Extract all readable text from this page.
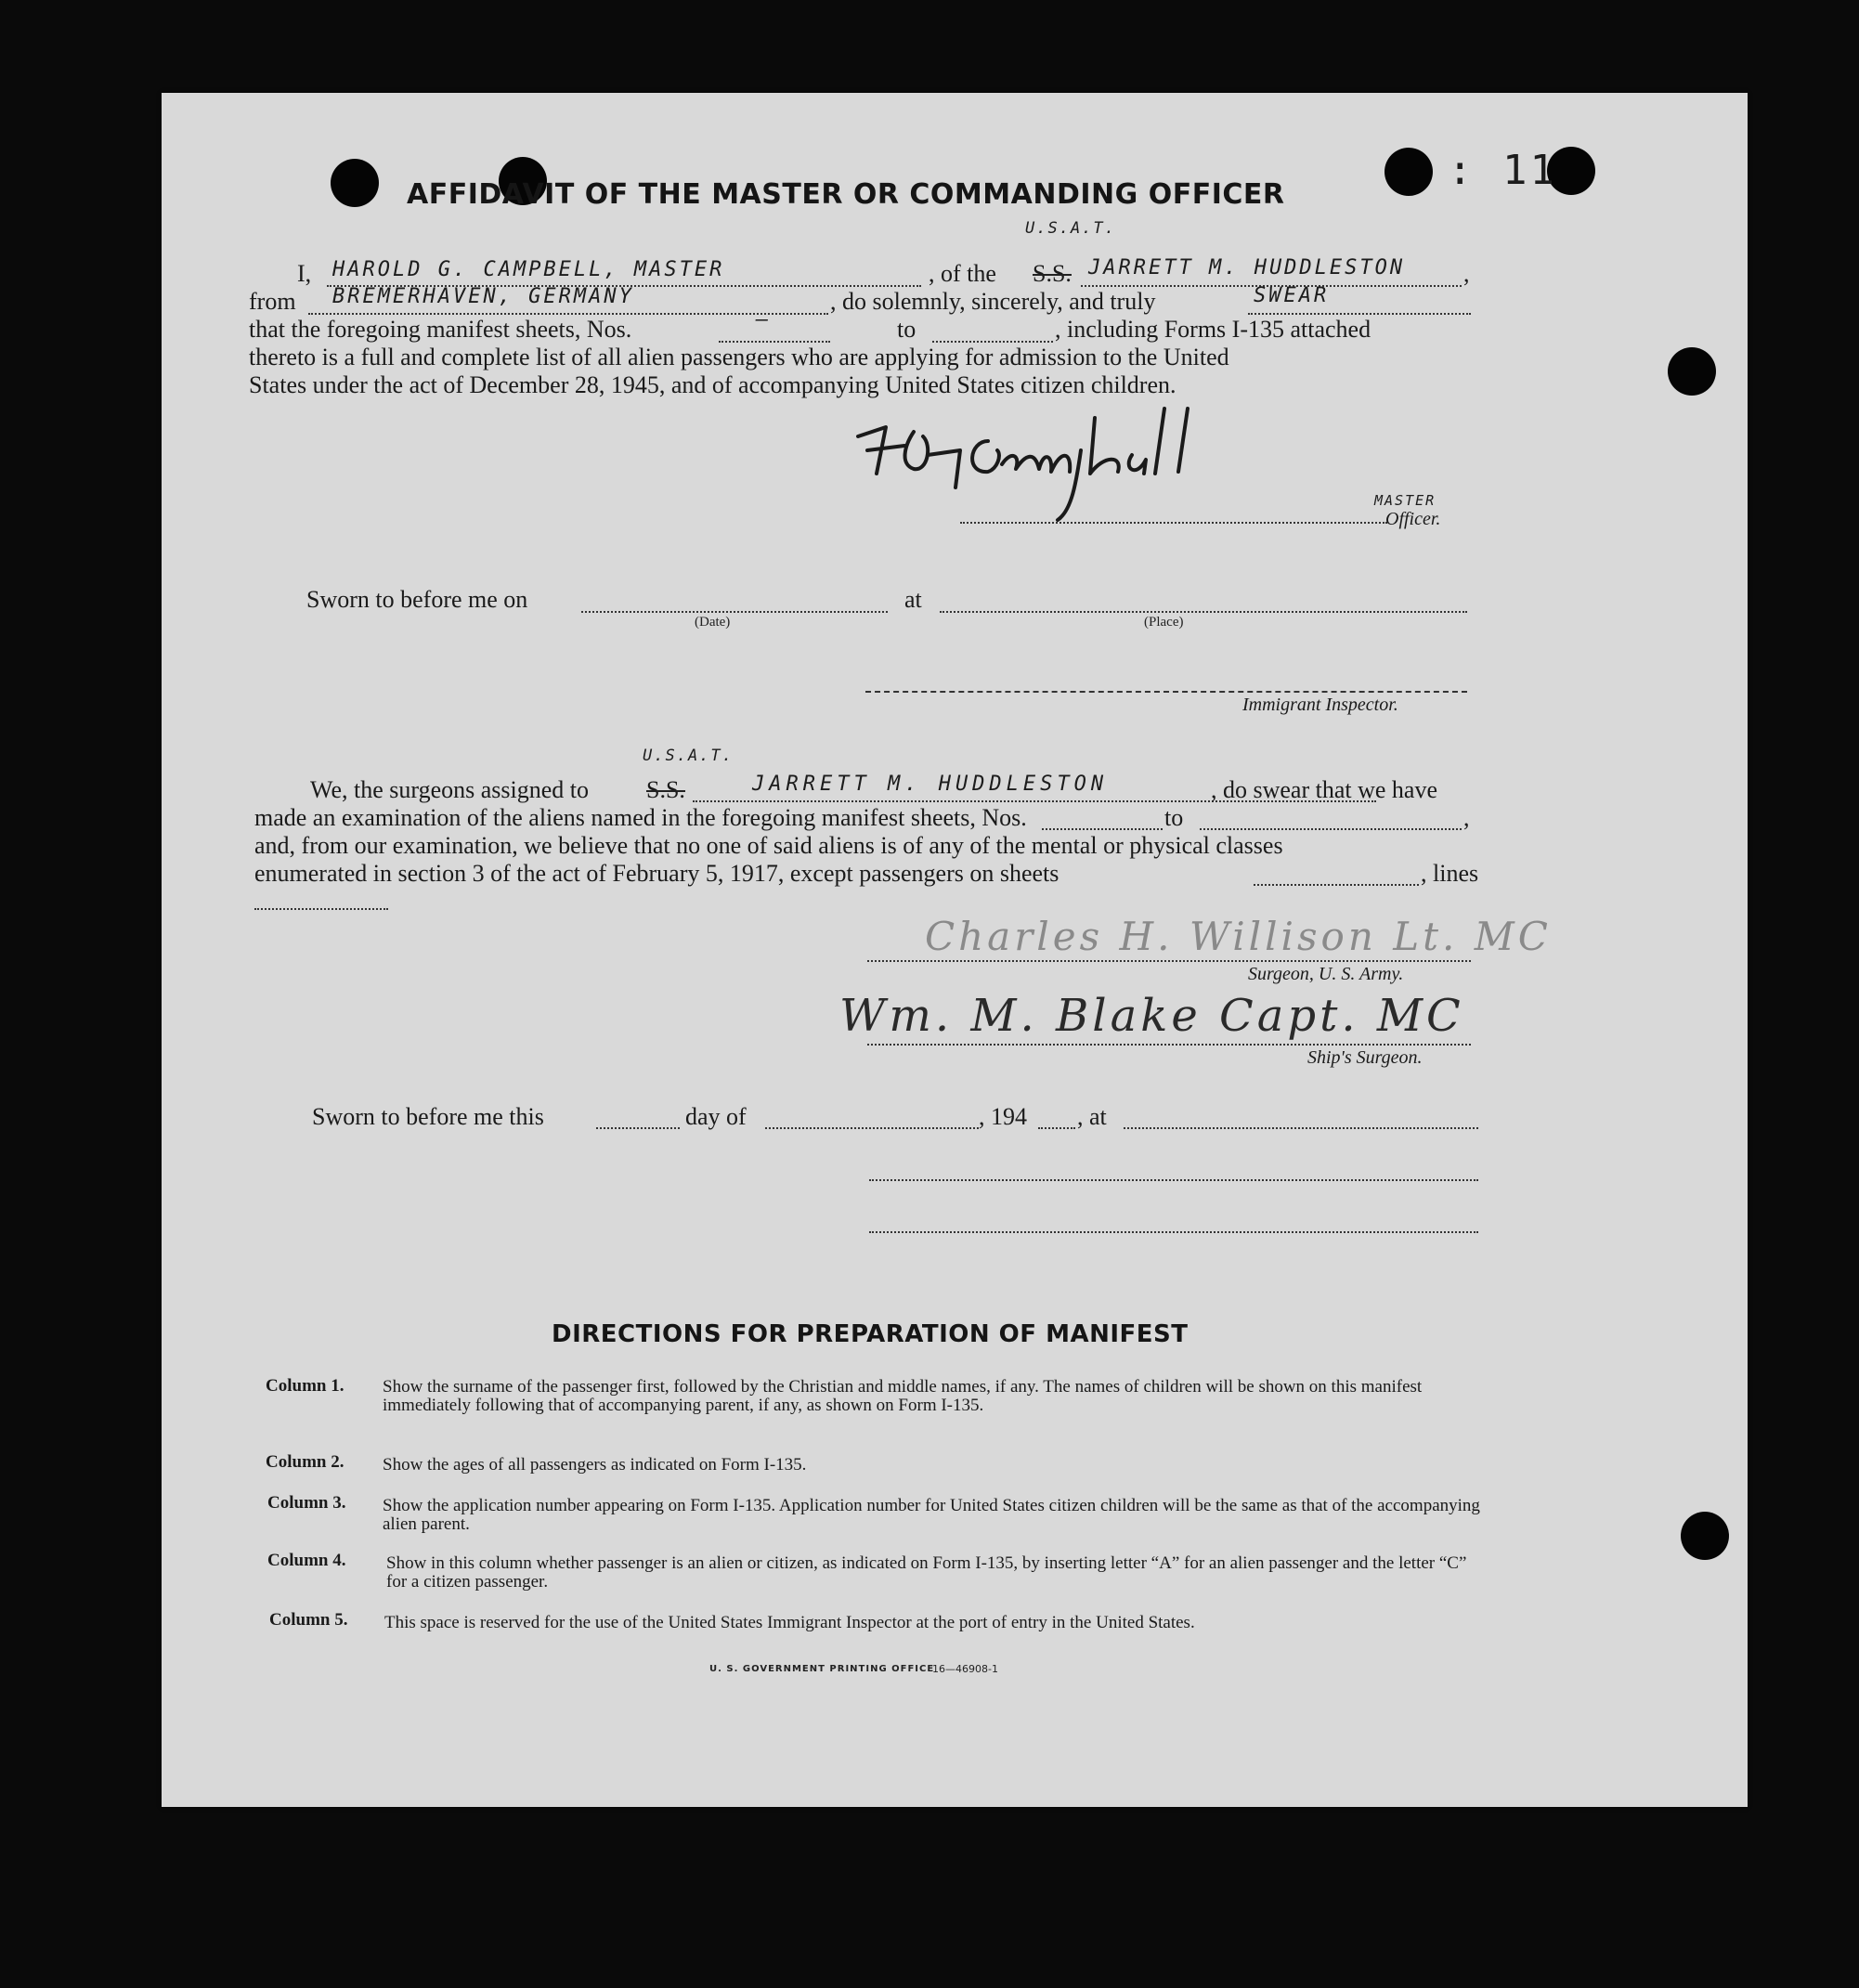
: 11
AFFIDAVIT OF THE MASTER OR COMMANDING OFFICER
I, HAROLD G. CAMPBELL, MASTER	, of the S.S.
U.S.A.T.
JARRETT M. HUDDLESTON ,
from BREMERHAVEN, GERMANY	, do solemnly, sincerely, and truly	SWEAR
that the foregoing manifest sheets, Nos.	—	to	, including Forms I-135 attached
thereto is a full and complete list of all alien passengers who are applying for admission to the United
States under the act of December 28, 1945, and of accompanying United States citizen children.
MASTER
Officer.
Sworn to before me on
(Date)
at
(Place)
Immigrant Inspector.
We, the surgeons assigned to S.S.
U.S.A.T.
JARRETT M. HUDDLESTON	, do swear that we have
made an examination of the aliens named in the foregoing manifest sheets, Nos.	to	,
and, from our examination, we believe that no one of said aliens is of any of the mental or physical classes
enumerated in section 3 of the act of February 5, 1917, except passengers on sheets	, lines
Charles H. Willison Lt. MC
Surgeon, U. S. Army.
Wm. M. Blake Capt. MC
Ship's Surgeon.
Sworn to before me this	day of	, 194 , at
DIRECTIONS FOR PREPARATION OF MANIFEST
Column 1. Show the surname of the passenger first, followed by the Christian and middle names, if any. The names of children will be shown on this manifest immediately following that of accompanying parent, if any, as shown on Form I-135.
Column 2. Show the ages of all passengers as indicated on Form I-135.
Column 3. Show the application number appearing on Form I-135. Application number for United States citizen children will be the same as that of the accompanying alien parent.
Column 4. Show in this column whether passenger is an alien or citizen, as indicated on Form I-135, by inserting letter “A” for an alien passenger and the letter “C” for a citizen passenger.
Column 5. This space is reserved for the use of the United States Immigrant Inspector at the port of entry in the United States.
U. S. GOVERNMENT PRINTING OFFICE
16—46908-1
